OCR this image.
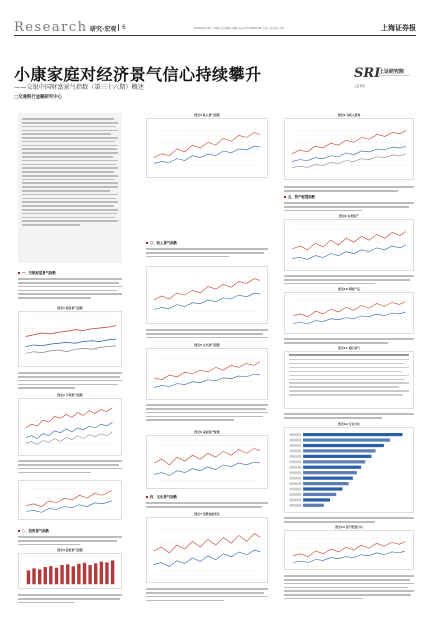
Research 研究·宏观 6	2018年8月16日 星期四 责任编辑 吴晓明 电话 021-38967700 美编 王磊 校对 李明	上海证券报
小康家庭对经济景气信心持续攀升
——交银中国财富景气指数（第三十六期）概述
□交通银行金融研究中心
SRI
上证研究院
Shanghai Securities Research Institute
上证·研究
一、交银财富景气指数
图表1 财富景气指数
图表2 分项景气指数
二、投资景气指数
图表3 投资景气指数
图表4 收入景气指数
三、收入景气指数
图表5 支出景气指数
图表6 家庭资产配置
四、支出景气指数
图表7 消费意愿变化
图表8 各收入群体
五、资产配置指数
图表9 各类资产
图表10 理财产品
图表11 地区景气
图表12 行业分布
图表13 资产配置分布
